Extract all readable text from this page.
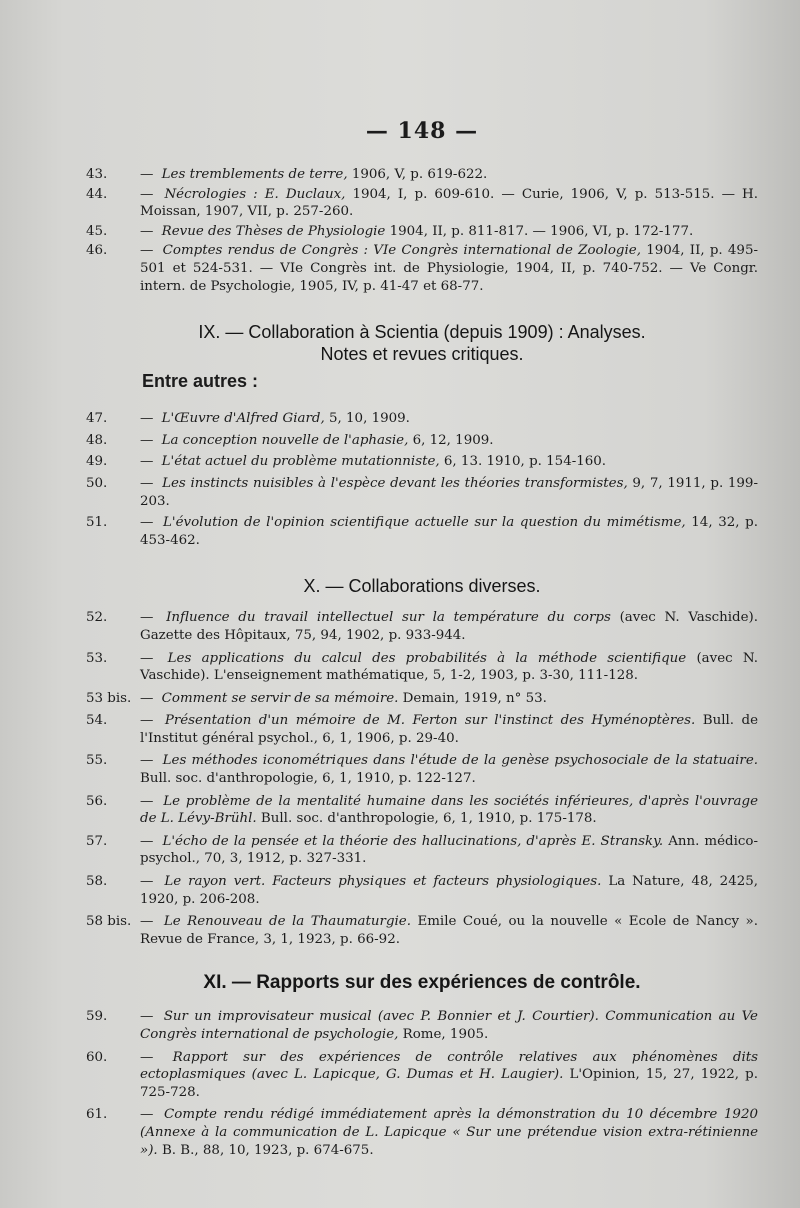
— 148 —
43.	— Les tremblements de terre, 1906, V, p. 619-622.
44.	— Nécrologies : E. Duclaux, 1904, I, p. 609-610. — Curie, 1906, V, p. 513-515. — H. Moissan, 1907, VII, p. 257-260.
45.	— Revue des Thèses de Physiologie 1904, II, p. 811-817. — 1906, VI, p. 172-177.
46.	— Comptes rendus de Congrès : VIe Congrès international de Zoologie, 1904, II, p. 495-501 et 524-531. — VIe Congrès int. de Physiologie, 1904, II, p. 740-752. — Ve Congr. intern. de Psychologie, 1905, IV, p. 41-47 et 68-77.
IX. — Collaboration à Scientia (depuis 1909) : Analyses.
Notes et revues critiques.
Entre autres :
47.	— L'Œuvre d'Alfred Giard, 5, 10, 1909.
48.	— La conception nouvelle de l'aphasie, 6, 12, 1909.
49.	— L'état actuel du problème mutationniste, 6, 13. 1910, p. 154-160.
50.	— Les instincts nuisibles à l'espèce devant les théories transformistes, 9, 7, 1911, p. 199-203.
51.	— L'évolution de l'opinion scientifique actuelle sur la question du mimétisme, 14, 32, p. 453-462.
X. — Collaborations diverses.
52.	— Influence du travail intellectuel sur la température du corps (avec N. Vaschide). Gazette des Hôpitaux, 75, 94, 1902, p. 933-944.
53.	— Les applications du calcul des probabilités à la méthode scientifique (avec N. Vaschide). L'enseignement mathématique, 5, 1-2, 1903, p. 3-30, 111-128.
53 bis. — Comment se servir de sa mémoire. Demain, 1919, n° 53.
54.	— Présentation d'un mémoire de M. Ferton sur l'instinct des Hyménoptères. Bull. de l'Institut général psychol., 6, 1, 1906, p. 29-40.
55.	— Les méthodes iconométriques dans l'étude de la genèse psychosociale de la statuaire. Bull. soc. d'anthropologie, 6, 1, 1910, p. 122-127.
56.	— Le problème de la mentalité humaine dans les sociétés inférieures, d'après l'ouvrage de L. Lévy-Brühl. Bull. soc. d'anthropologie, 6, 1, 1910, p. 175-178.
57.	— L'écho de la pensée et la théorie des hallucinations, d'après E. Stransky. Ann. médico-psychol., 70, 3, 1912, p. 327-331.
58.	— Le rayon vert. Facteurs physiques et facteurs physiologiques. La Nature, 48, 2425, 1920, p. 206-208.
58 bis. — Le Renouveau de la Thaumaturgie. Emile Coué, ou la nouvelle « Ecole de Nancy ». Revue de France, 3, 1, 1923, p. 66-92.
XI. — Rapports sur des expériences de contrôle.
59.	— Sur un improvisateur musical (avec P. Bonnier et J. Courtier). Communication au Ve Congrès international de psychologie, Rome, 1905.
60.	— Rapport sur des expériences de contrôle relatives aux phénomènes dits ectoplasmiques (avec L. Lapicque, G. Dumas et H. Laugier). L'Opinion, 15, 27, 1922, p. 725-728.
61.	— Compte rendu rédigé immédiatement après la démonstration du 10 décembre 1920 (Annexe à la communication de L. Lapicque « Sur une prétendue vision extra-rétinienne »). B. B., 88, 10, 1923, p. 674-675.
